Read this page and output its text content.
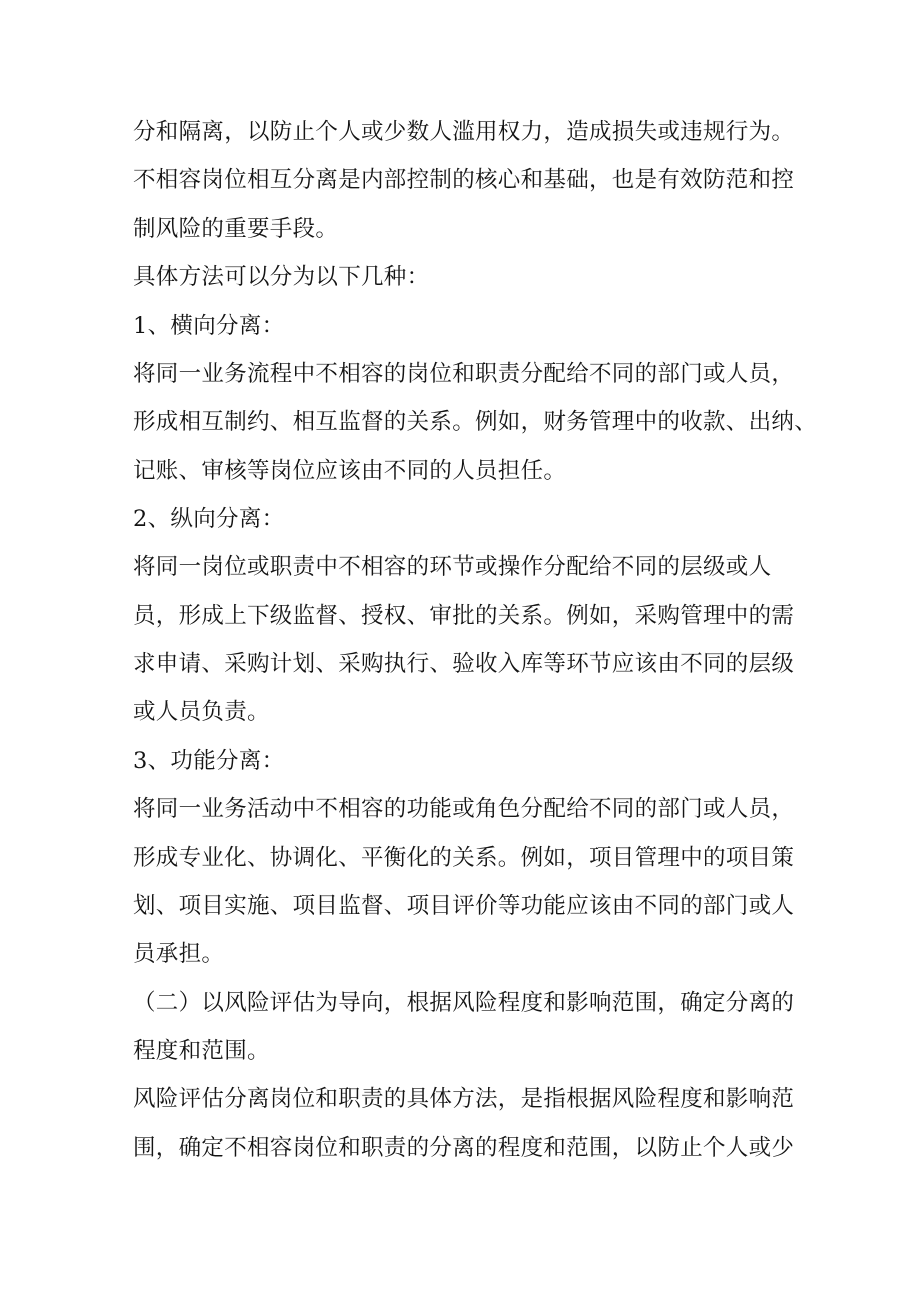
分和隔离，以防止个人或少数人滥用权力，造成损失或违规行为。
不相容岗位相互分离是内部控制的核心和基础，也是有效防范和控
制风险的重要手段。
具体方法可以分为以下几种：
1、横向分离：
将同一业务流程中不相容的岗位和职责分配给不同的部门或人员，
形成相互制约、相互监督的关系。例如，财务管理中的收款、出纳、
记账、审核等岗位应该由不同的人员担任。
2、纵向分离：
将同一岗位或职责中不相容的环节或操作分配给不同的层级或人
员，形成上下级监督、授权、审批的关系。例如，采购管理中的需
求申请、采购计划、采购执行、验收入库等环节应该由不同的层级
或人员负责。
3、功能分离：
将同一业务活动中不相容的功能或角色分配给不同的部门或人员，
形成专业化、协调化、平衡化的关系。例如，项目管理中的项目策
划、项目实施、项目监督、项目评价等功能应该由不同的部门或人
员承担。
（二）以风险评估为导向，根据风险程度和影响范围，确定分离的
程度和范围。
风险评估分离岗位和职责的具体方法，是指根据风险程度和影响范
围，确定不相容岗位和职责的分离的程度和范围，以防止个人或少
